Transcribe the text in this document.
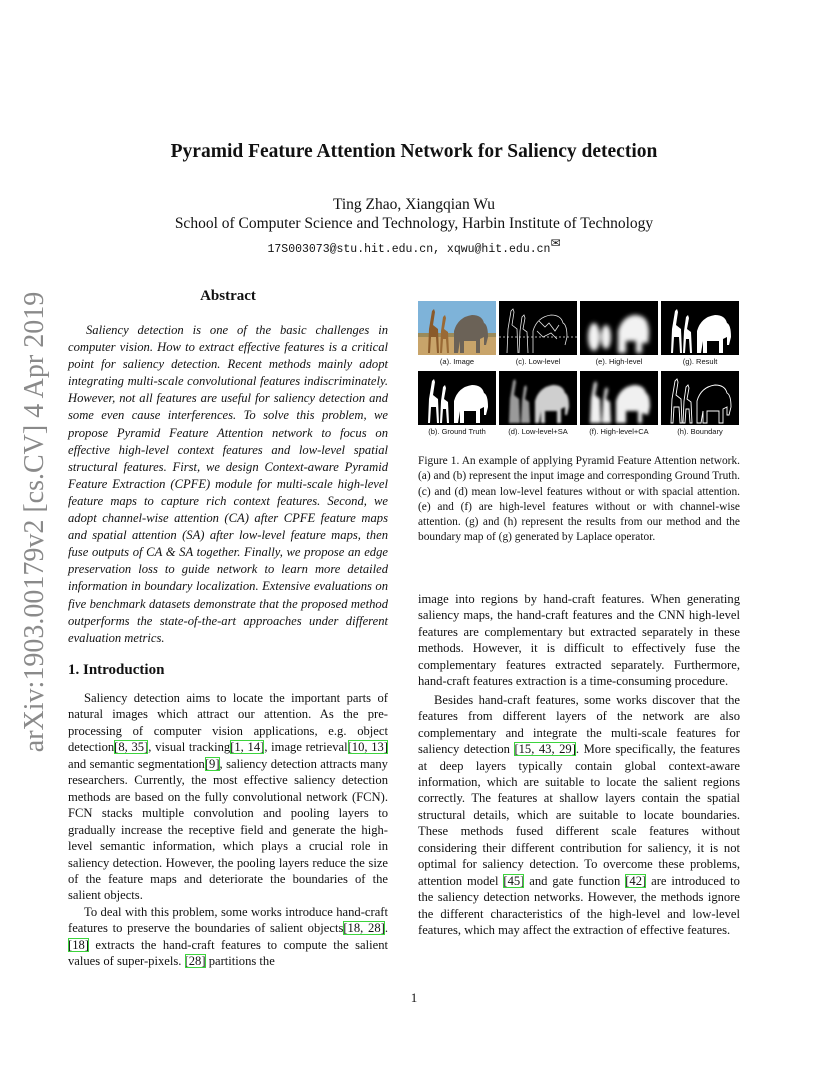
arXiv:1903.00179v2 [cs.CV] 4 Apr 2019
Pyramid Feature Attention Network for Saliency detection
Ting Zhao, Xiangqian Wu
School of Computer Science and Technology, Harbin Institute of Technology
17S003073@stu.hit.edu.cn, xqwu@hit.edu.cn✉
Abstract

Saliency detection is one of the basic challenges in computer vision. How to extract effective features is a critical point for saliency detection. Recent methods mainly adopt integrating multi-scale convolutional features indiscriminately. However, not all features are useful for saliency detection and some even cause interferences. To solve this problem, we propose Pyramid Feature Attention network to focus on effective high-level context features and low-level spatial structural features. First, we design Context-aware Pyramid Feature Extraction (CPFE) module for multi-scale high-level feature maps to capture rich context features. Second, we adopt channel-wise attention (CA) after CPFE feature maps and spatial attention (SA) after low-level feature maps, then fuse outputs of CA & SA together. Finally, we propose an edge preservation loss to guide network to learn more detailed information in boundary localization. Extensive evaluations on five benchmark datasets demonstrate that the proposed method outperforms the state-of-the-art approaches under different evaluation metrics.

1. Introduction

Saliency detection aims to locate the important parts of natural images which attract our attention. As the pre-processing of computer vision applications, e.g. object detection[8, 35], visual tracking[1, 14], image retrieval[10, 13] and semantic segmentation[9], saliency detection attracts many researchers. Currently, the most effective saliency detection methods are based on the fully convolutional network (FCN). FCN stacks multiple convolution and pooling layers to gradually increase the receptive field and generate the high-level semantic information, which plays a crucial role in saliency detection. However, the pooling layers reduce the size of the feature maps and deteriorate the boundaries of the salient objects.

To deal with this problem, some works introduce hand-craft features to preserve the boundaries of salient objects[18, 28]. [18] extracts the hand-craft features to compute the salient values of super-pixels. [28] partitions the

(a). Image	(c). Low-level	(e). High-level	(g). Result
(b). Ground Truth	(d). Low-level+SA	(f). High-level+CA	(h). Boundary
Figure 1. An example of applying Pyramid Feature Attention network.(a) and (b) represent the input image and corresponding Ground Truth. (c) and (d) mean low-level features without or with spacial attention. (e) and (f) are high-level features without or with channel-wise attention. (g) and (h) represent the results from our method and the boundary map of (g) generated by Laplace operator.

image into regions by hand-craft features. When generating saliency maps, the hand-craft features and the CNN high-level features are complementary but extracted separately in these methods. However, it is difficult to effectively fuse the complementary features extracted separately. Furthermore, hand-craft features extraction is a time-consuming procedure.

Besides hand-craft features, some works discover that the features from different layers of the network are also complementary and integrate the multi-scale features for saliency detection [15, 43, 29]. More specifically, the features at deep layers typically contain global context-aware information, which are suitable to locate the salient regions correctly. The features at shallow layers contain the spatial structural details, which are suitable to locate boundaries. These methods fused different scale features without considering their different contribution for saliency, it is not optimal for saliency detection. To overcome these problems, attention model [45] and gate function [42] are introduced to the saliency detection networks. However, the methods ignore the different characteristics of the high-level and low-level features, which may affect the extraction of effective features.

1
